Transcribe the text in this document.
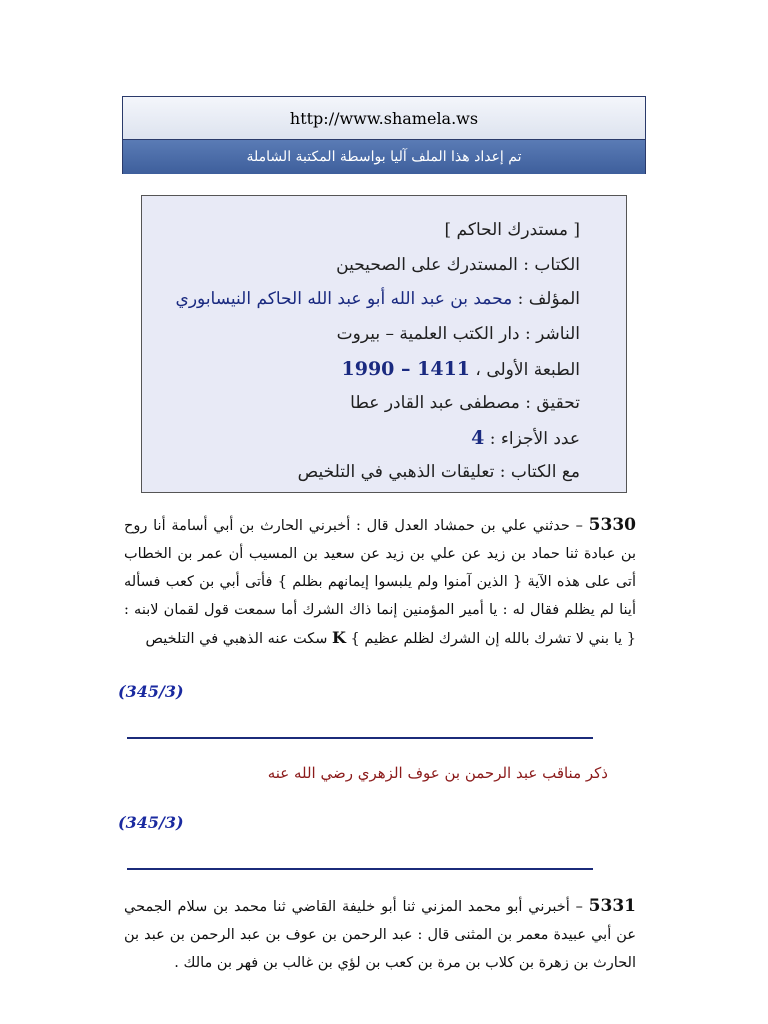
http://www.shamela.ws
تم إعداد هذا الملف آليا بواسطة المكتبة الشاملة
[ مستدرك الحاكم ]
الكتاب : المستدرك على الصحيحين
المؤلف : محمد بن عبد الله أبو عبد الله الحاكم النيسابوري
الناشر : دار الكتب العلمية – بيروت
الطبعة الأولى ، 1411 – 1990
تحقيق : مصطفى عبد القادر عطا
عدد الأجزاء : 4
مع الكتاب : تعليقات الذهبي في التلخيص
5330 – حدثني علي بن حمشاد العدل قال : أخبرني الحارث بن أبي أسامة أنا روح بن عبادة ثنا حماد بن زيد عن علي بن زيد عن سعيد بن المسيب أن عمر بن الخطاب أتى على هذه الآية { الذين آمنوا ولم يلبسوا إيمانهم بظلم } فأتى أبي بن كعب فسأله أينا لم يظلم فقال له : يا أمير المؤمنين إنما ذاك الشرك أما سمعت قول لقمان لابنه : { يا بني لا تشرك بالله إن الشرك لظلم عظيم } K سكت عنه الذهبي في التلخيص
(345/3)
ذكر مناقب عبد الرحمن بن عوف الزهري رضي الله عنه
(345/3)
5331 – أخبرني أبو محمد المزني ثنا أبو خليفة القاضي ثنا محمد بن سلام الجمحي عن أبي عبيدة معمر بن المثنى قال : عبد الرحمن بن عوف بن عبد الرحمن بن عبد بن الحارث بن زهرة بن كلاب بن مرة بن كعب بن لؤي بن غالب بن فهر بن مالك .
